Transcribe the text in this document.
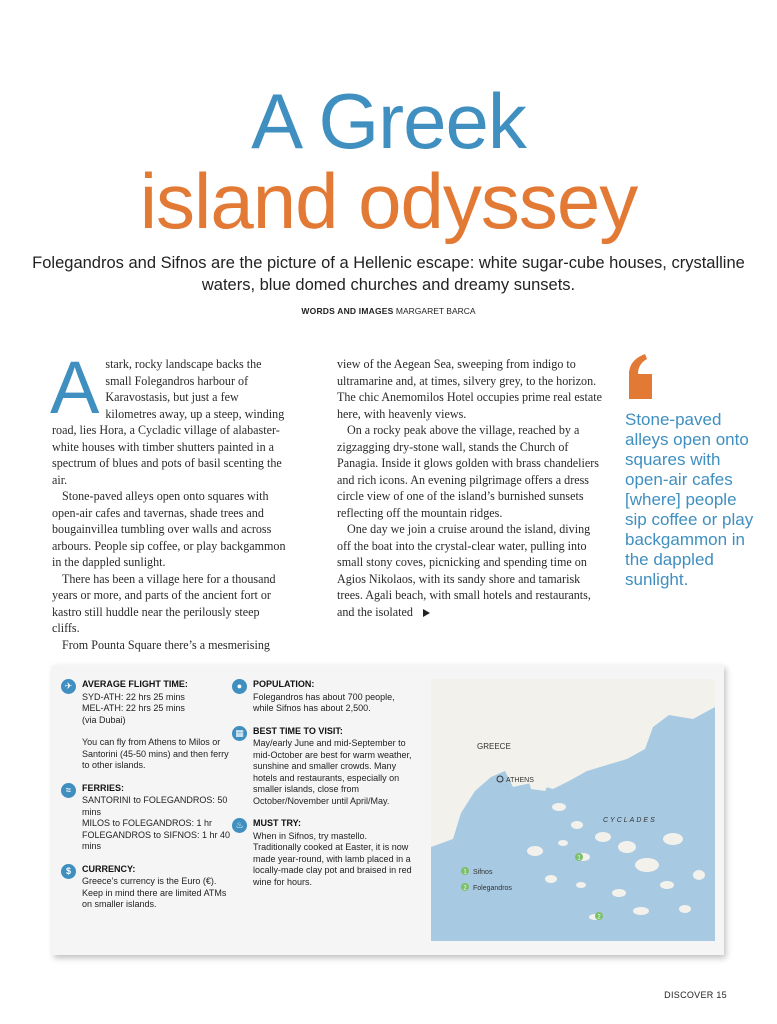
A Greek
island odyssey

Folegandros and Sifnos are the picture of a Hellenic escape: white sugar-cube houses, crystalline waters, blue domed churches and dreamy sunsets.

WORDS AND IMAGES MARGARET BARCA

Astark, rocky landscape backs the small Folegandros harbour of Karavostasis, but just a few kilometres away, up a steep, winding road, lies Hora, a Cycladic village of alabaster-white houses with timber shutters painted in a spectrum of blues and pots of basil scenting the air.

Stone-paved alleys open onto squares with open-air cafes and tavernas, shade trees and bougainvillea tumbling over walls and across arbours. People sip coffee, or play backgammon in the dappled sunlight.

There has been a village here for a thousand years or more, and parts of the ancient fort or kastro still huddle near the perilously steep cliffs.

From Pounta Square there’s a mesmerising

view of the Aegean Sea, sweeping from indigo to ultramarine and, at times, silvery grey, to the horizon. The chic Anemomilos Hotel occupies prime real estate here, with heavenly views.

On a rocky peak above the village, reached by a zigzagging dry-stone wall, stands the Church of Panagia. Inside it glows golden with brass chandeliers and rich icons. An evening pilgrimage offers a dress circle view of one of the island’s burnished sunsets reflecting off the mountain ridges.

One day we join a cruise around the island, diving off the boat into the crystal-clear water, pulling into small stony coves, picnicking and spending time on Agios Nikolaos, with its sandy shore and tamarisk trees. Agali beach, with small hotels and restaurants, and the isolated

Stone-paved alleys open onto squares with open-air cafes [where] people sip coffee or play backgammon in the dappled sunlight.

✈	AVERAGE FLIGHT TIME:

SYD-ATH: 22 hrs 25 mins
MEL-ATH: 22 hrs 25 mins
(via Dubai)

You can fly from Athens to Milos or Santorini (45-50 mins) and then ferry to other islands.

≈	FERRIES:

SANTORINI to FOLEGANDROS: 50 mins
MILOS to FOLEGANDROS: 1 hr
FOLEGANDROS to SIFNOS: 1 hr 40 mins

$	CURRENCY:

Greece’s currency is the Euro (€). Keep in mind there are limited ATMs on smaller islands.

●	POPULATION:

Folegandros has about 700 people, while Sifnos has about 2,500.

▦	BEST TIME TO VISIT:

May/early June and mid-September to mid-October are best for warm weather, sunshine and smaller crowds. Many hotels and restaurants, especially on smaller islands, close from October/November until April/May.

♨	MUST TRY:

When in Sifnos, try mastello. Traditionally cooked at Easter, it is now made year-round, with lamb placed in a locally-made clay pot and braised in red wine for hours.

GREECE
ATHENS
CYCLADES
1
2
1 Sifnos
2 Folegandros
DISCOVER 15
